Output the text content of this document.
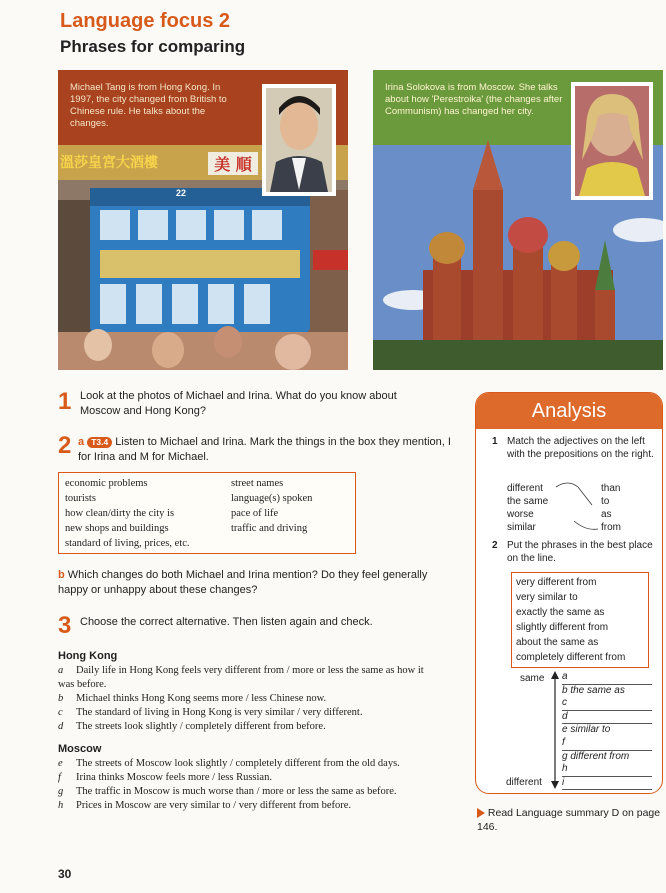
Language focus 2
Phrases for comparing
溫莎皇宮大酒樓	美 順
22
Michael Tang is from Hong Kong. In 1997, the city changed from British to Chinese rule. He talks about the changes.
Irina Solokova is from Moscow. She talks about how 'Perestroika' (the changes after Communism) has changed her city.
1 Look at the photos of Michael and Irina. What do you know about Moscow and Hong Kong?
2 a T3.4 Listen to Michael and Irina. Mark the things in the box they mention, I for Irina and M for Michael.
economic problems
tourists
how clean/dirty the city is
new shops and buildings
standard of living, prices, etc.
street names
language(s) spoken
pace of life
traffic and driving
b Which changes do both Michael and Irina mention? Do they feel generally happy or unhappy about these changes?
3 Choose the correct alternative. Then listen again and check.
Hong Kong
a Daily life in Hong Kong feels very different from / more or less the same as how it was before.
b Michael thinks Hong Kong seems more / less Chinese now.
c The standard of living in Hong Kong is very similar / very different.
d The streets look slightly / completely different from before.
Moscow
e The streets of Moscow look slightly / completely different from the old days.
f Irina thinks Moscow feels more / less Russian.
g The traffic in Moscow is much worse than / more or less the same as before.
h Prices in Moscow are very similar to / very different from before.
Analysis
1 Match the adjectives on the left with the prepositions on the right.
different
the same
worse
similar
than
to
as
from
2 Put the phrases in the best place on the line.
very different from
very similar to
exactly the same as
slightly different from
about the same as
completely different from
same
different
a
b the same as
c
d
e similar to
f
g different from
h
i
Read Language summary D on page 146.
30
